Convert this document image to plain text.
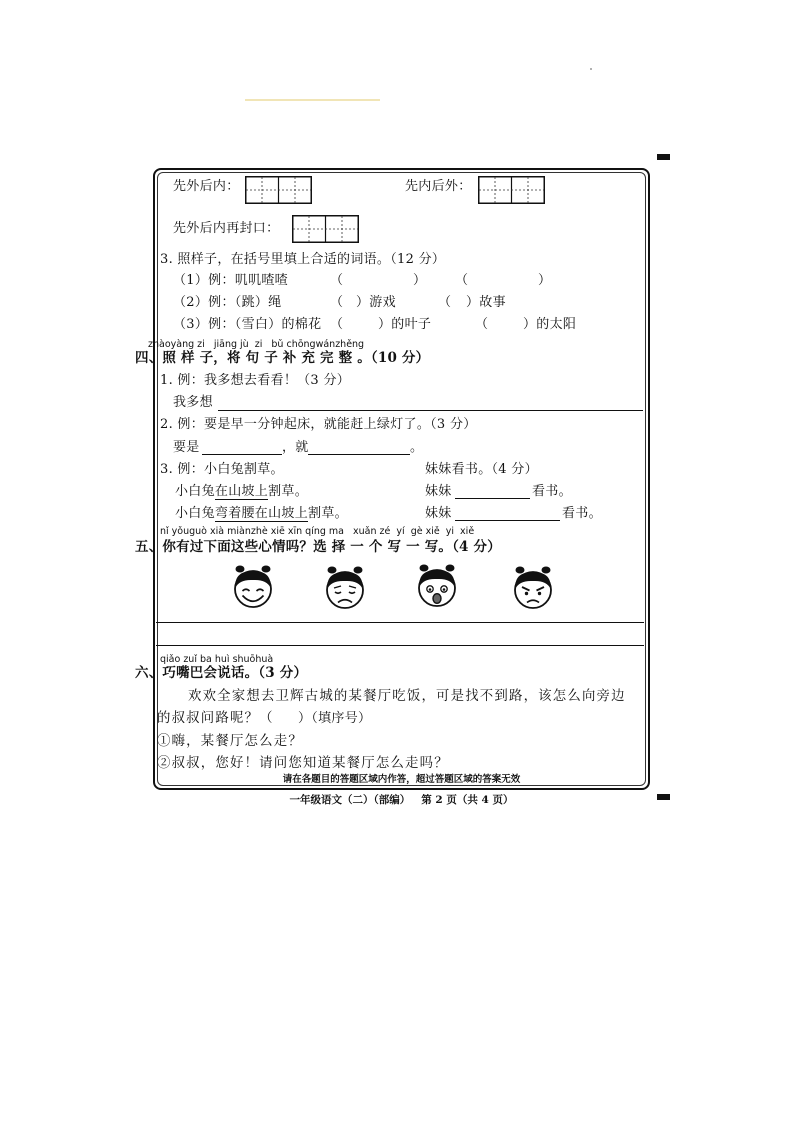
先外后内：	先内后外：
先外后内再封口：
3. 照样子，在括号里填上合适的词语。（12 分）
（1）例：叽叽喳喳	（	） （	）
（2）例：（跳）绳	（ ）游戏	（ ）故事
（3）例：（雪白）的棉花 （	）的叶子	（	）的太阳
zhàoyàng zi   jiāng jù  zi   bǔ chōngwánzhěng
四、照 样 子，将 句 子 补 充 完 整 。（10 分）
1. 例：我多想去看看！（3 分）
我多想
2. 例：要是早一分钟起床，就能赶上绿灯了。（3 分）
要是	，就	。
3. 例：小白兔割草。	妹妹看书。（4 分）
小白兔在山坡上割草。	妹妹	看书。
小白兔弯着腰在山坡上割草。	妹妹	看书。
nǐ yǒuguò xià miànzhè xiē xīn qíng ma   xuǎn zé  yí  gè xiě  yi  xiě
五、你有过下面这些心情吗？选 择 一 个 写 一 写。（4 分）
qiǎo zuǐ ba huì shuōhuà
六、巧嘴巴会说话。（3 分）
欢欢全家想去卫辉古城的某餐厅吃饭，可是找不到路，该怎么向旁边
的叔叔问路呢？（ ）（填序号）
①嗨，某餐厅怎么走？
②叔叔，您好！请问您知道某餐厅怎么走吗？
请在各题目的答题区域内作答，超过答题区域的答案无效
一年级语文（二）（部编）   第 2 页（共 4 页）
